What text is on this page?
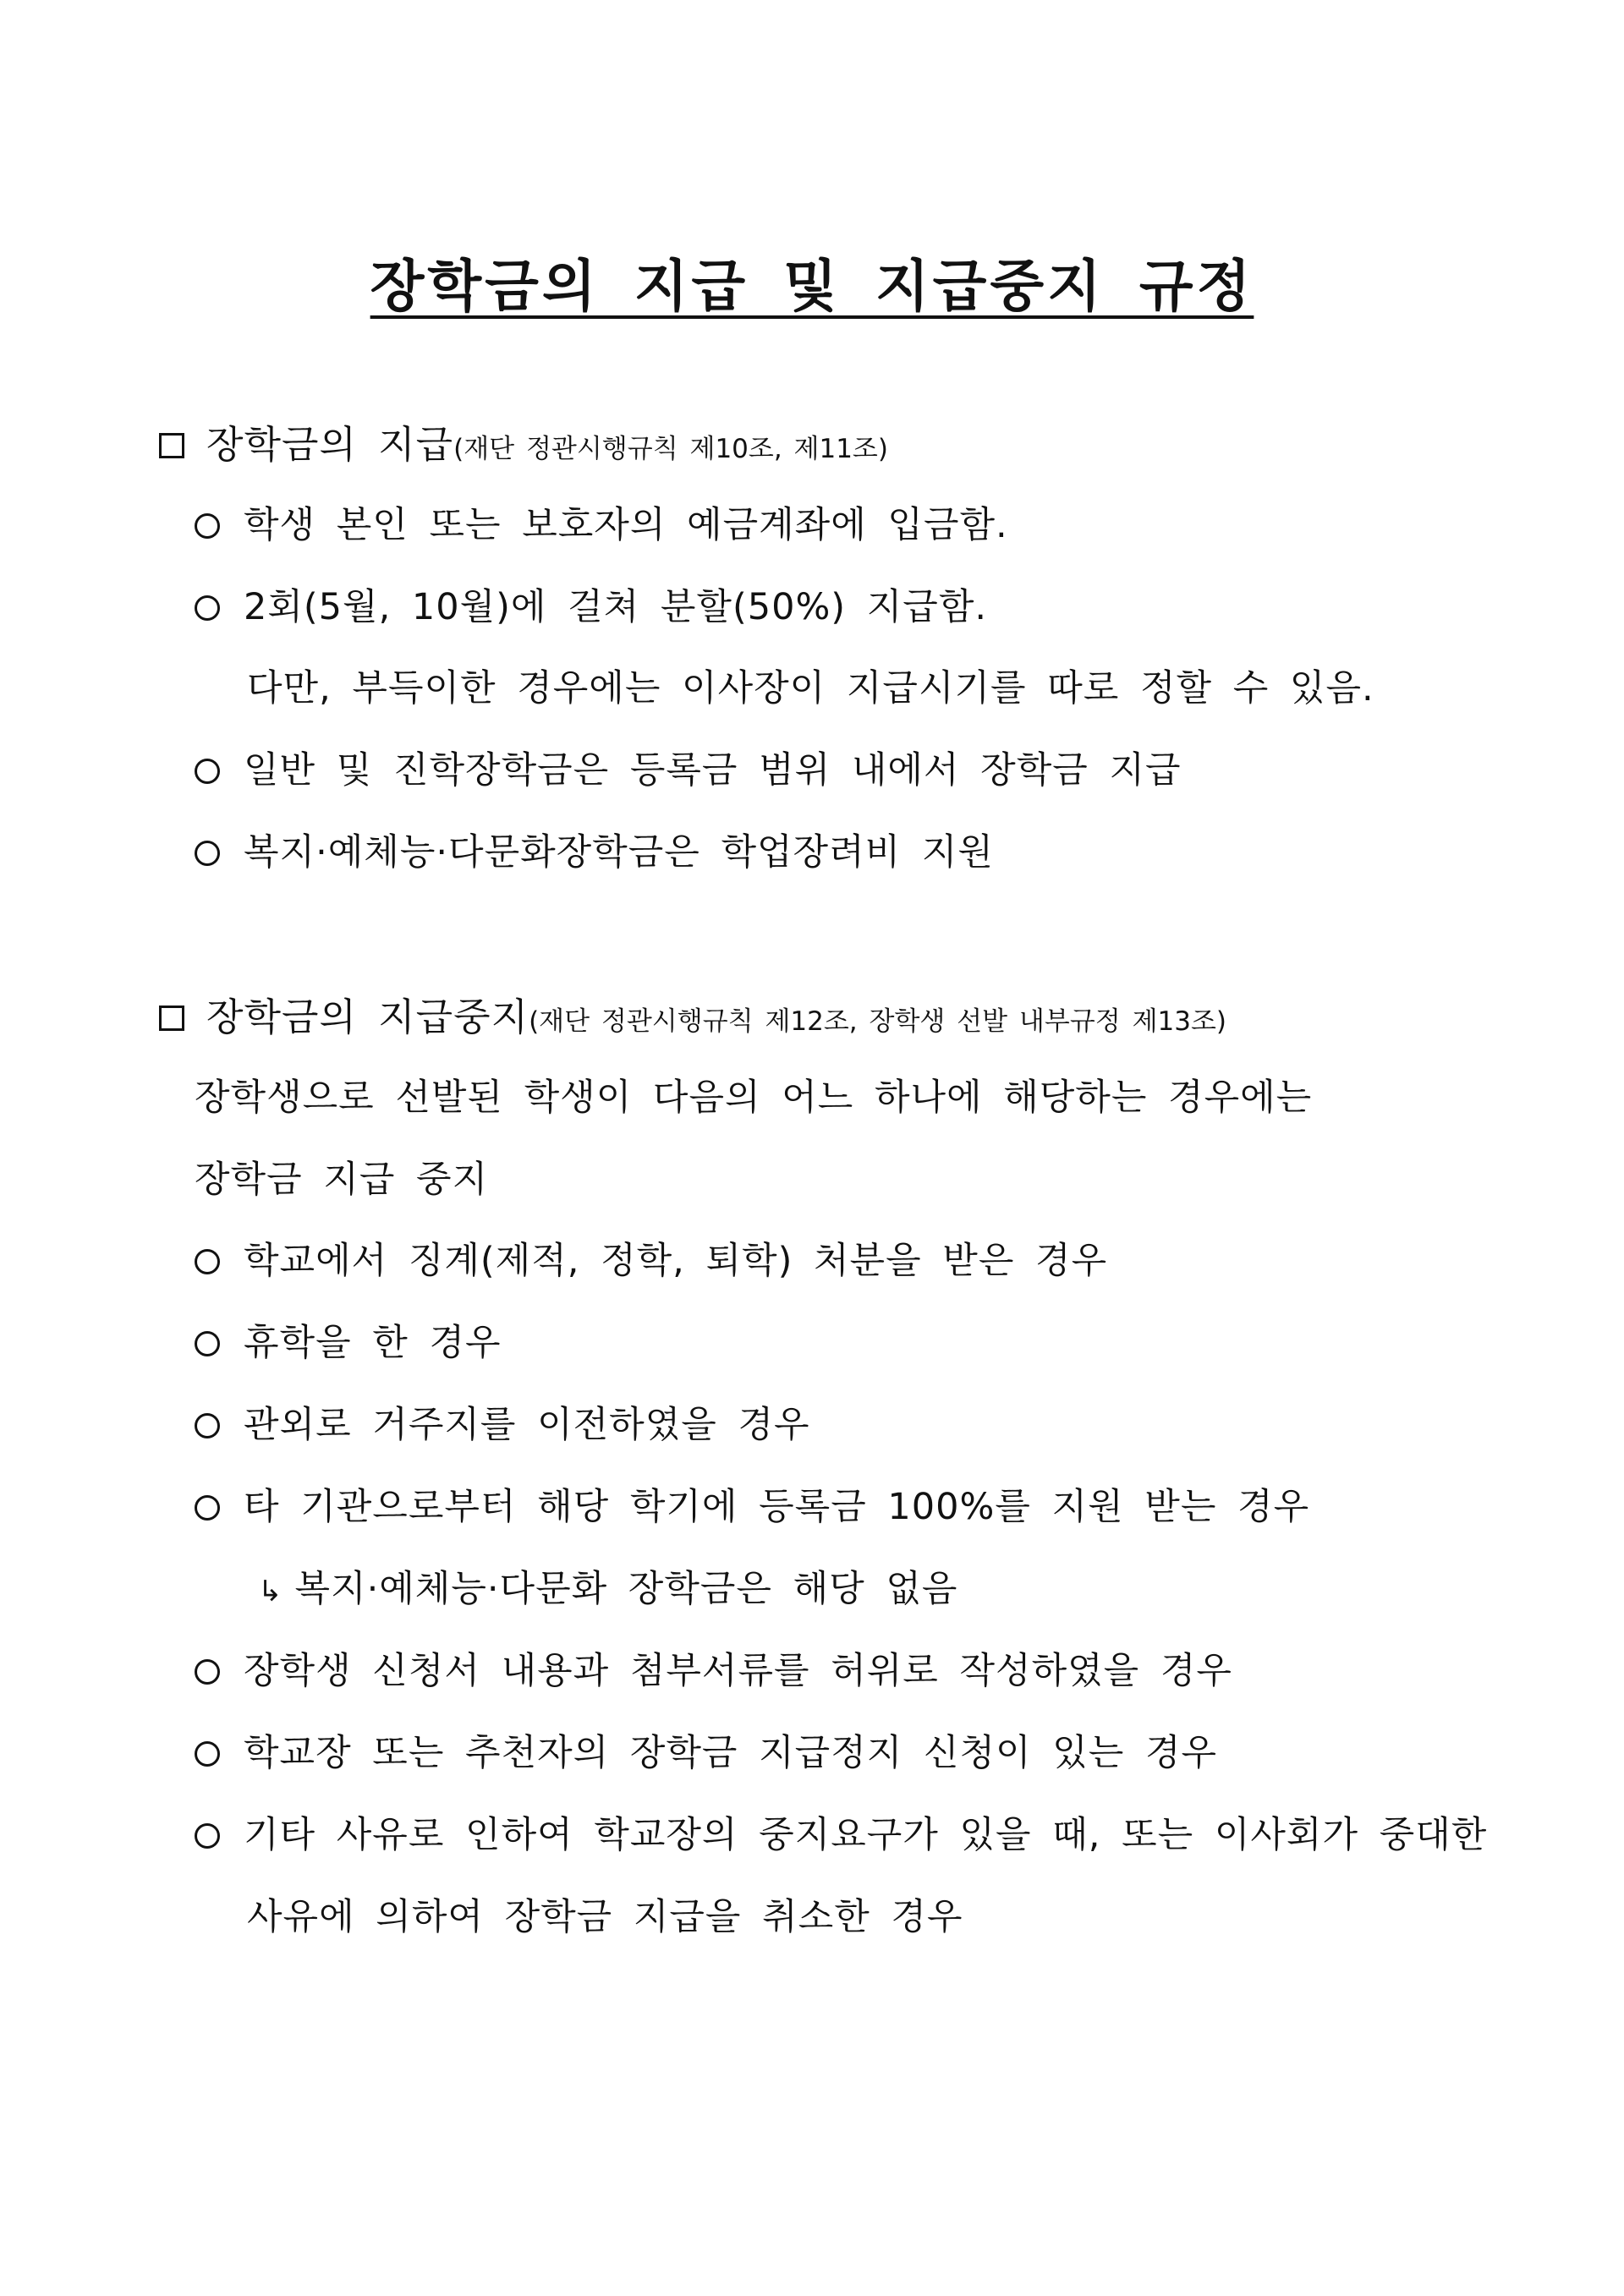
장학금의 지급 및 지급중지 규정
장학금의 지급(재단 정관시행규칙 제10조, 제11조)
학생 본인 또는 보호자의 예금계좌에 입금함.
2회(5월, 10월)에 걸쳐 분할(50%) 지급함.
다만, 부득이한 경우에는 이사장이 지급시기를 따로 정할 수 있음.
일반 및 진학장학금은 등록금 범위 내에서 장학금 지급
복지·예체능·다문화장학금은 학업장려비 지원
장학금의 지급중지(재단 정관시행규칙 제12조, 장학생 선발 내부규정 제13조)
장학생으로 선발된 학생이 다음의 어느 하나에 해당하는 경우에는
장학금 지급 중지
학교에서 징계(제적, 정학, 퇴학) 처분을 받은 경우
휴학을 한 경우
관외로 거주지를 이전하였을 경우
타 기관으로부터 해당 학기에 등록금 100%를 지원 받는 경우
↳ 복지·예체능·다문화 장학금은 해당 없음
장학생 신청서 내용과 첨부서류를 허위로 작성하였을 경우
학교장 또는 추천자의 장학금 지급정지 신청이 있는 경우
기타 사유로 인하여 학교장의 중지요구가 있을 때, 또는 이사회가 중대한
사유에 의하여 장학금 지급을 취소한 경우
